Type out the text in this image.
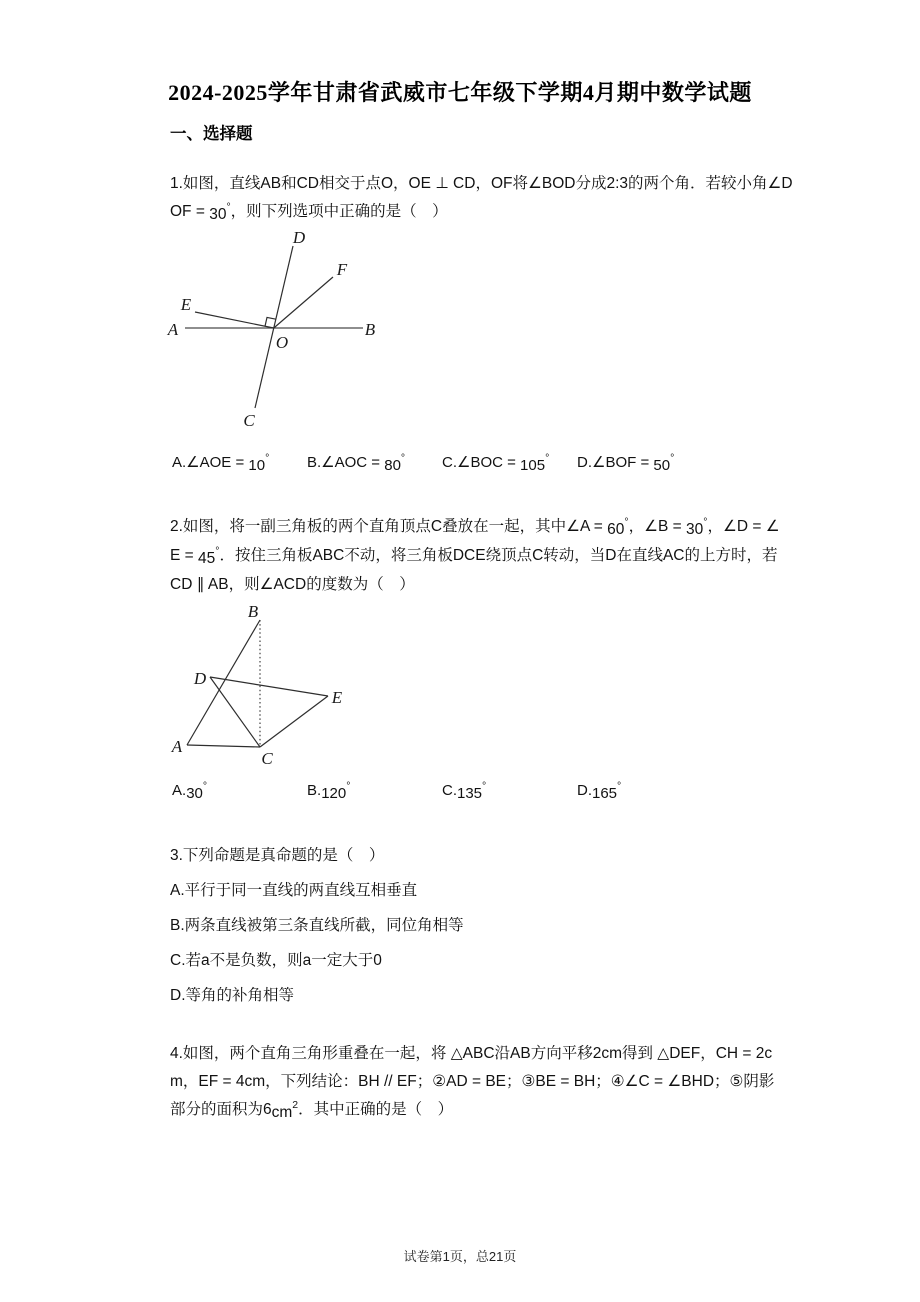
2024-2025学年甘肃省武威市七年级下学期4月期中数学试题
一、选择题
1.如图，直线AB和CD相交于点O，OE ⊥ CD，OF将∠BOD分成2:3的两个角．若较小角∠D
OF = 30°，则下列选项中正确的是（　）
A	B
C
D
E
F
O
A.∠AOE = 10°	B.∠AOC = 80° C.∠BOC = 105° D.∠BOF = 50°
2.如图，将一副三角板的两个直角顶点C叠放在一起，其中∠A = 60°，∠B = 30°，∠D = ∠
E = 45°．按住三角板ABC不动，将三角板DCE绕顶点C转动，当D在直线AC的上方时，若
CD ∥ AB，则∠ACD的度数为（　）
A
B
C
D
E
A.30°	B.120°	C.135°	D.165°
3.下列命题是真命题的是（　）
A.平行于同一直线的两直线互相垂直
B.两条直线被第三条直线所截，同位角相等
C.若a不是负数，则a一定大于0
D.等角的补角相等
4.如图，两个直角三角形重叠在一起，将 △ABC沿AB方向平移2cm得到 △DEF，CH = 2c
m，EF = 4cm，下列结论：BH // EF；②AD = BE；③BE = BH；④∠C = ∠BHD；⑤阴影
部分的面积为$6cm^2$．其中正确的是（　）
试卷第1页，总21页
